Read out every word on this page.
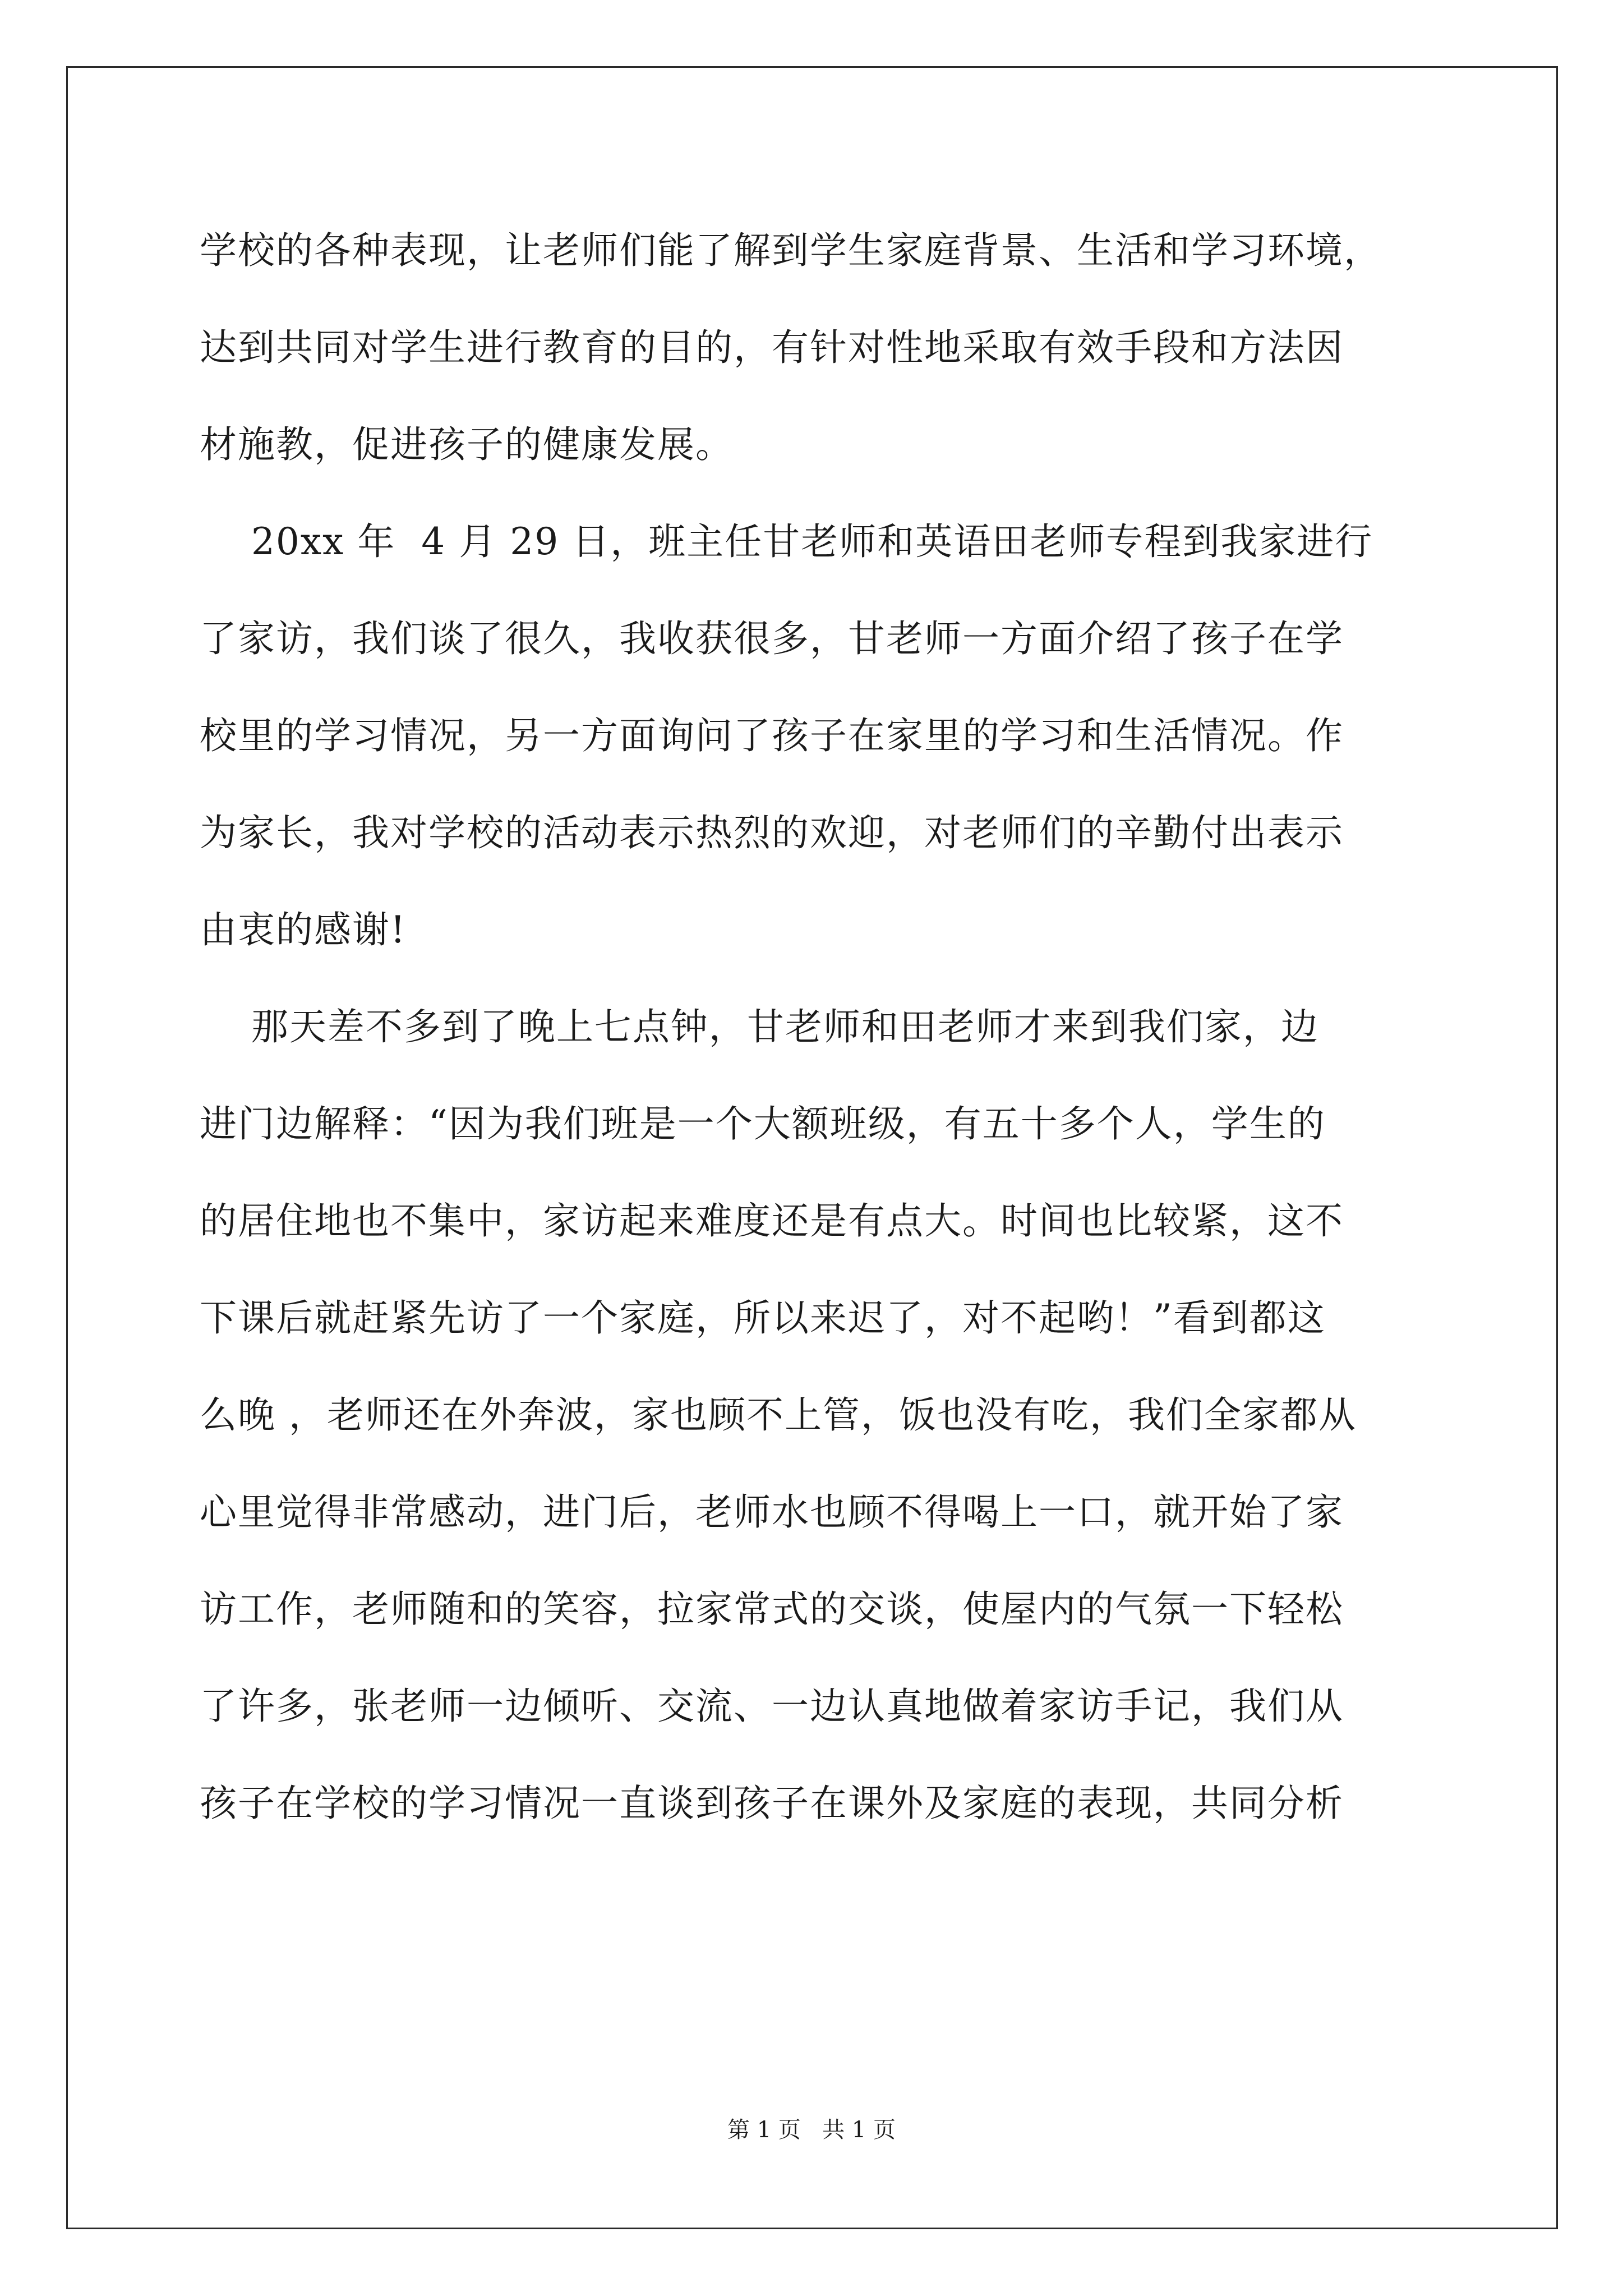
学校的各种表现，让老师们能了解到学生家庭背景、生活和学习环境，
达到共同对学生进行教育的目的，有针对性地采取有效手段和方法因
材施教，促进孩子的健康发展。
20xx 年  4 月 29 日，班主任甘老师和英语田老师专程到我家进行
了家访，我们谈了很久，我收获很多，甘老师一方面介绍了孩子在学
校里的学习情况，另一方面询问了孩子在家里的学习和生活情况。作
为家长，我对学校的活动表示热烈的欢迎，对老师们的辛勤付出表示
由衷的感谢!
那天差不多到了晚上七点钟，甘老师和田老师才来到我们家，边
进门边解释：“因为我们班是一个大额班级，有五十多个人，学生的
的居住地也不集中，家访起来难度还是有点大。时间也比较紧，这不
下课后就赶紧先访了一个家庭，所以来迟了，对不起哟！”看到都这
么晚 ，老师还在外奔波，家也顾不上管，饭也没有吃，我们全家都从
心里觉得非常感动，进门后，老师水也顾不得喝上一口，就开始了家
访工作，老师随和的笑容，拉家常式的交谈，使屋内的气氛一下轻松
了许多，张老师一边倾听、交流、一边认真地做着家访手记，我们从
孩子在学校的学习情况一直谈到孩子在课外及家庭的表现，共同分析
第 1 页   共 1 页
